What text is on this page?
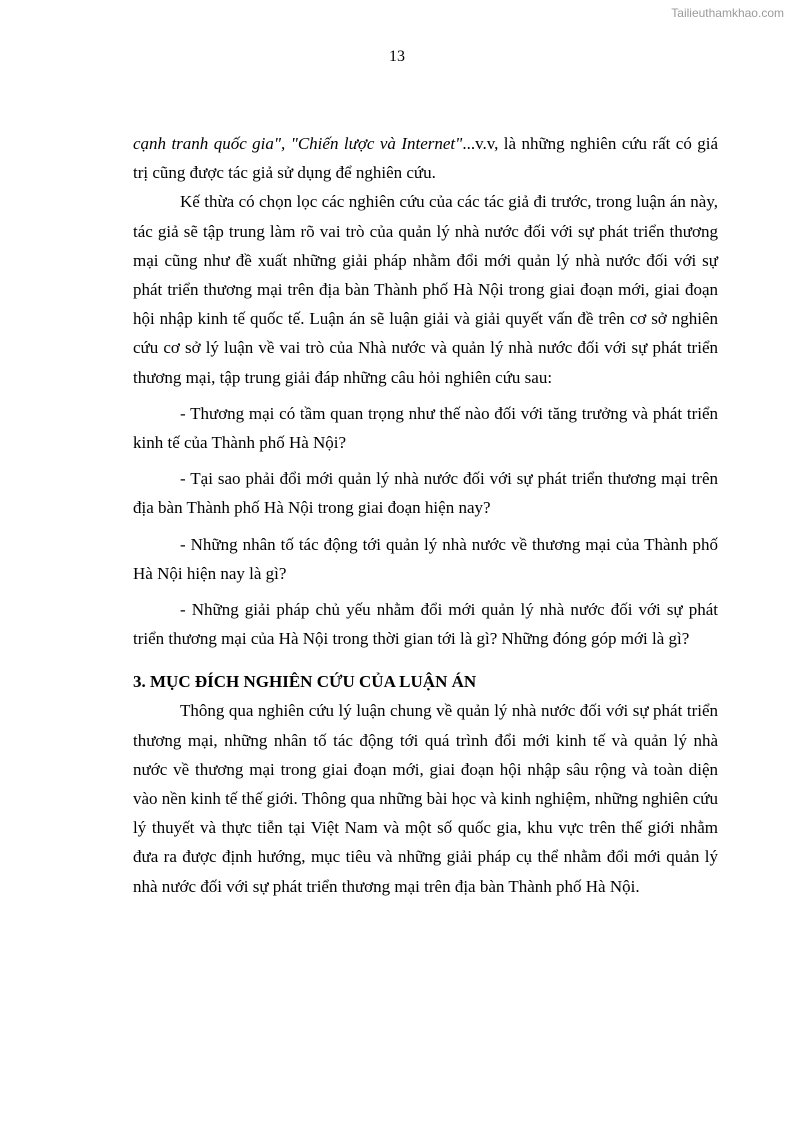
Tailieuthamkhao.com
13

cạnh tranh quốc gia", "Chiến lược và Internet"...v.v, là những nghiên cứu rất có giá trị cũng được tác giả sử dụng để nghiên cứu.

Kế thừa có chọn lọc các nghiên cứu của các tác giả đi trước, trong luận án này, tác giả sẽ tập trung làm rõ vai trò của quản lý nhà nước đối với sự phát triển thương mại cũng như đề xuất những giải pháp nhằm đổi mới quản lý nhà nước đối với sự phát triển thương mại trên địa bàn Thành phố Hà Nội trong giai đoạn mới, giai đoạn hội nhập kinh tế quốc tế. Luận án sẽ luận giải và giải quyết vấn đề trên cơ sở nghiên cứu cơ sở lý luận về vai trò của Nhà nước và quản lý nhà nước đối với sự phát triển thương mại, tập trung giải đáp những câu hỏi nghiên cứu sau:

- Thương mại có tầm quan trọng như thế nào đối với tăng trưởng và phát triển kinh tế của Thành phố Hà Nội?

- Tại sao phải đổi mới quản lý nhà nước đối với sự phát triển thương mại trên địa bàn Thành phố Hà Nội trong giai đoạn hiện nay?

- Những nhân tố tác động tới quản lý nhà nước về thương mại của Thành phố Hà Nội hiện nay là gì?

- Những giải pháp chủ yếu nhằm đổi mới quản lý nhà nước đối với sự phát triển thương mại của Hà Nội trong thời gian tới là gì? Những đóng góp mới là gì?

3. MỤC ĐÍCH NGHIÊN CỨU CỦA LUẬN ÁN

Thông qua nghiên cứu lý luận chung về quản lý nhà nước đối với sự phát triển thương mại, những nhân tố tác động tới quá trình đổi mới kinh tế và quản lý nhà nước về thương mại trong giai đoạn mới, giai đoạn hội nhập sâu rộng và toàn diện vào nền kinh tế thế giới. Thông qua những bài học và kinh nghiệm, những nghiên cứu lý thuyết và thực tiễn tại Việt Nam và một số quốc gia, khu vực trên thế giới nhằm đưa ra được định hướng, mục tiêu và những giải pháp cụ thể nhằm đổi mới quản lý nhà nước đối với sự phát triển thương mại trên địa bàn Thành phố Hà Nội.
